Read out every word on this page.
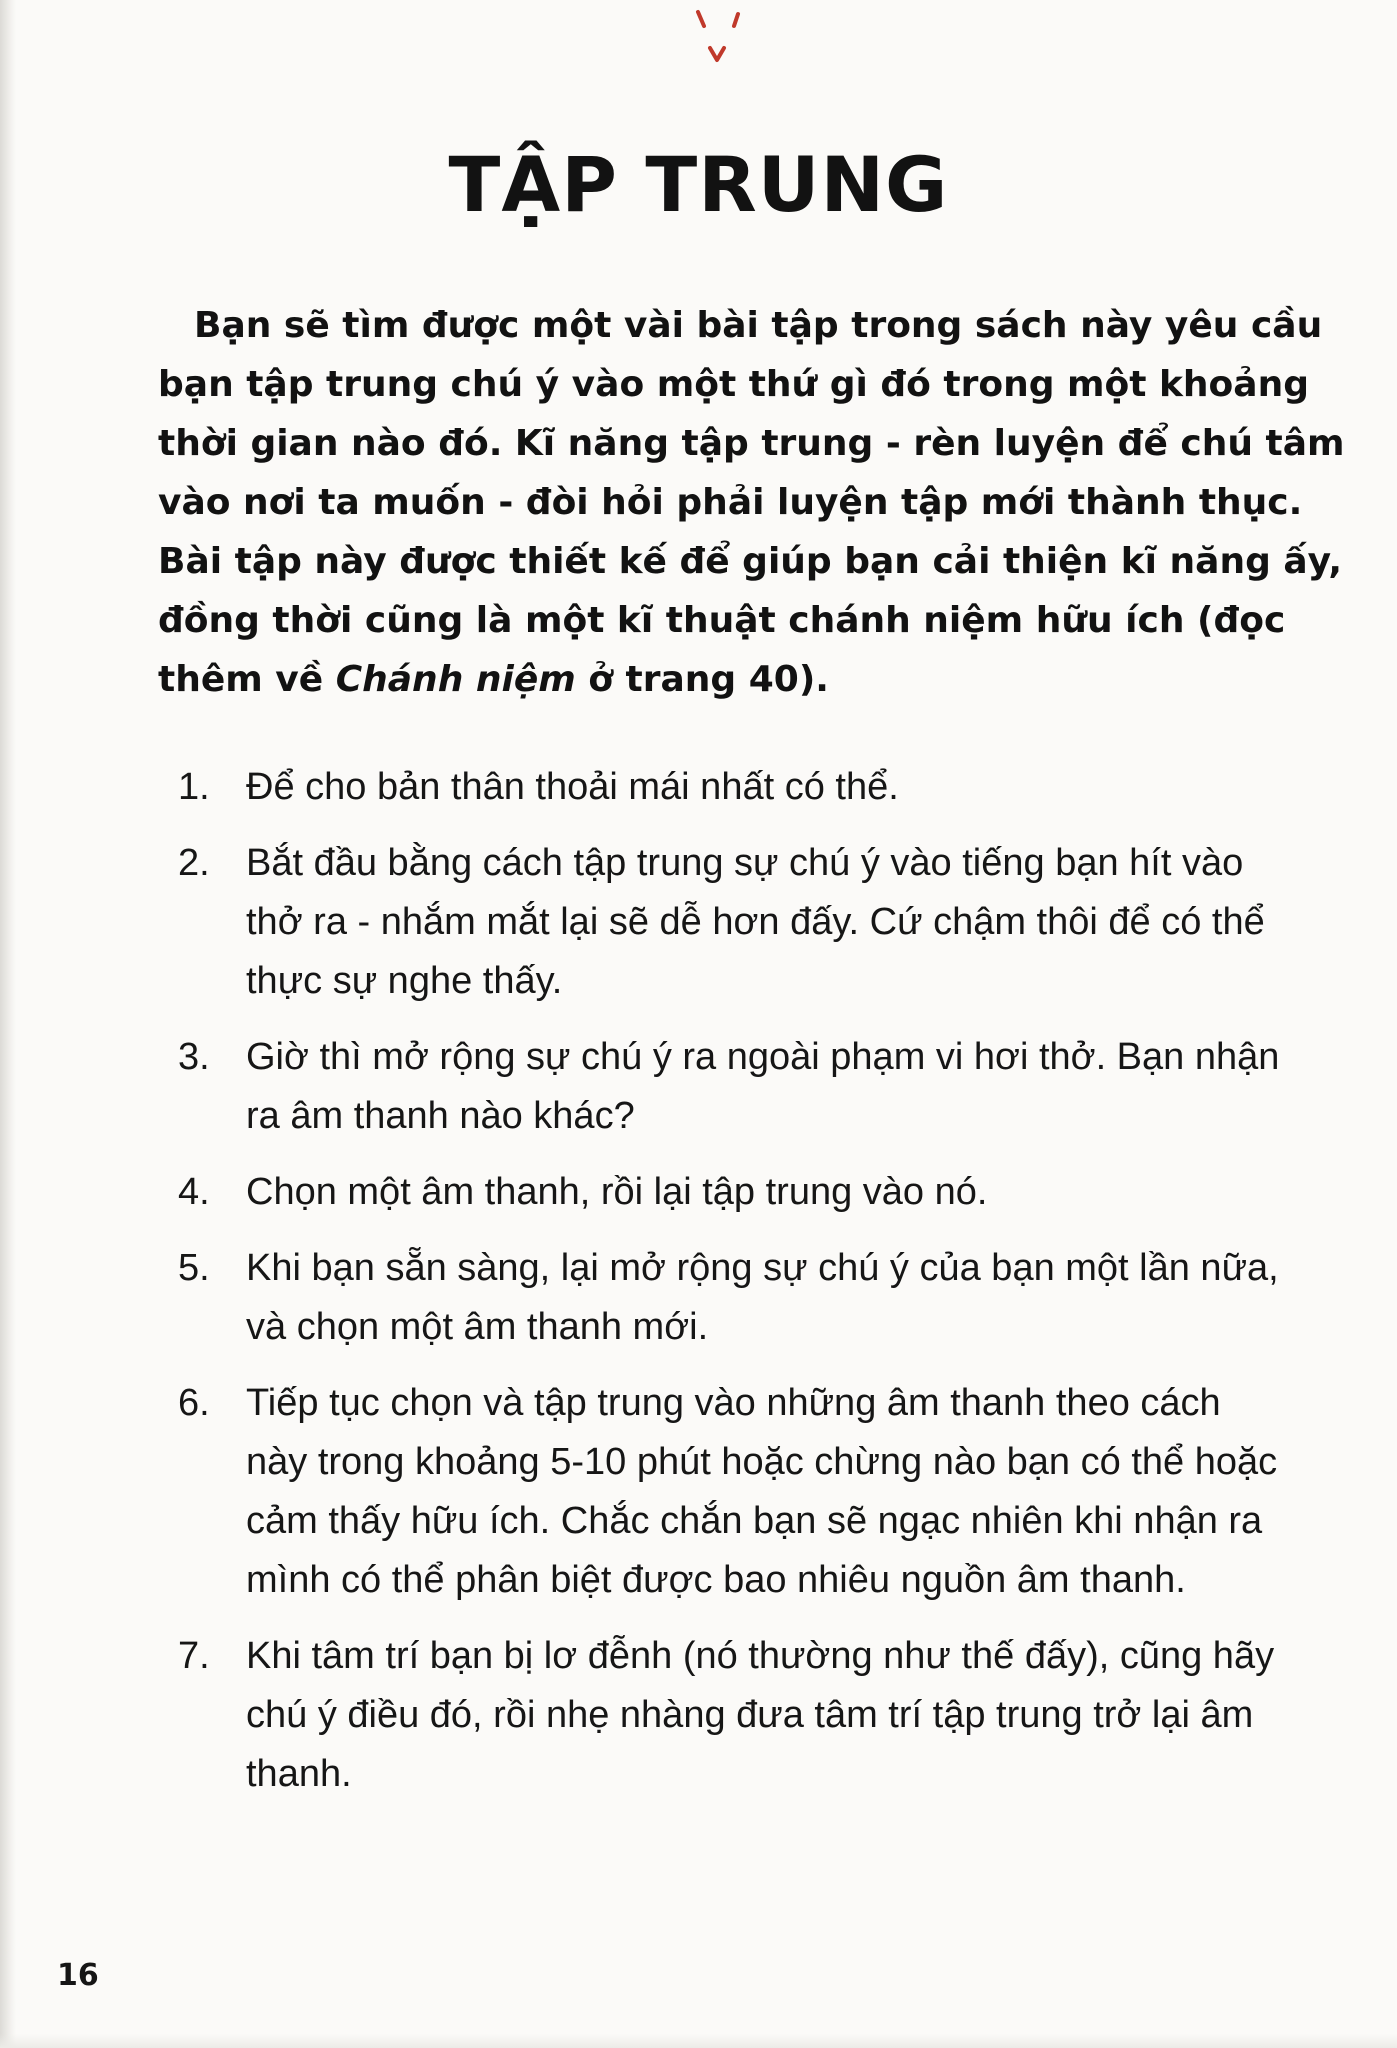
TẬP TRUNG

Bạn sẽ tìm được một vài bài tập trong sách này yêu cầu
bạn tập trung chú ý vào một thứ gì đó trong một khoảng
thời gian nào đó. Kĩ năng tập trung - rèn luyện để chú tâm
vào nơi ta muốn - đòi hỏi phải luyện tập mới thành thục.
Bài tập này được thiết kế để giúp bạn cải thiện kĩ năng ấy,
đồng thời cũng là một kĩ thuật chánh niệm hữu ích (đọc
thêm về Chánh niệm ở trang 40).

1. Để cho bản thân thoải mái nhất có thể.
2. Bắt đầu bằng cách tập trung sự chú ý vào tiếng bạn hít vào
thở ra - nhắm mắt lại sẽ dễ hơn đấy. Cứ chậm thôi để có thể
thực sự nghe thấy.
3. Giờ thì mở rộng sự chú ý ra ngoài phạm vi hơi thở. Bạn nhận
ra âm thanh nào khác?
4. Chọn một âm thanh, rồi lại tập trung vào nó.
5. Khi bạn sẵn sàng, lại mở rộng sự chú ý của bạn một lần nữa,
và chọn một âm thanh mới.
6. Tiếp tục chọn và tập trung vào những âm thanh theo cách
này trong khoảng 5-10 phút hoặc chừng nào bạn có thể hoặc
cảm thấy hữu ích. Chắc chắn bạn sẽ ngạc nhiên khi nhận ra
mình có thể phân biệt được bao nhiêu nguồn âm thanh.
7. Khi tâm trí bạn bị lơ đễnh (nó thường như thế đấy), cũng hãy
chú ý điều đó, rồi nhẹ nhàng đưa tâm trí tập trung trở lại âm
thanh.
16
